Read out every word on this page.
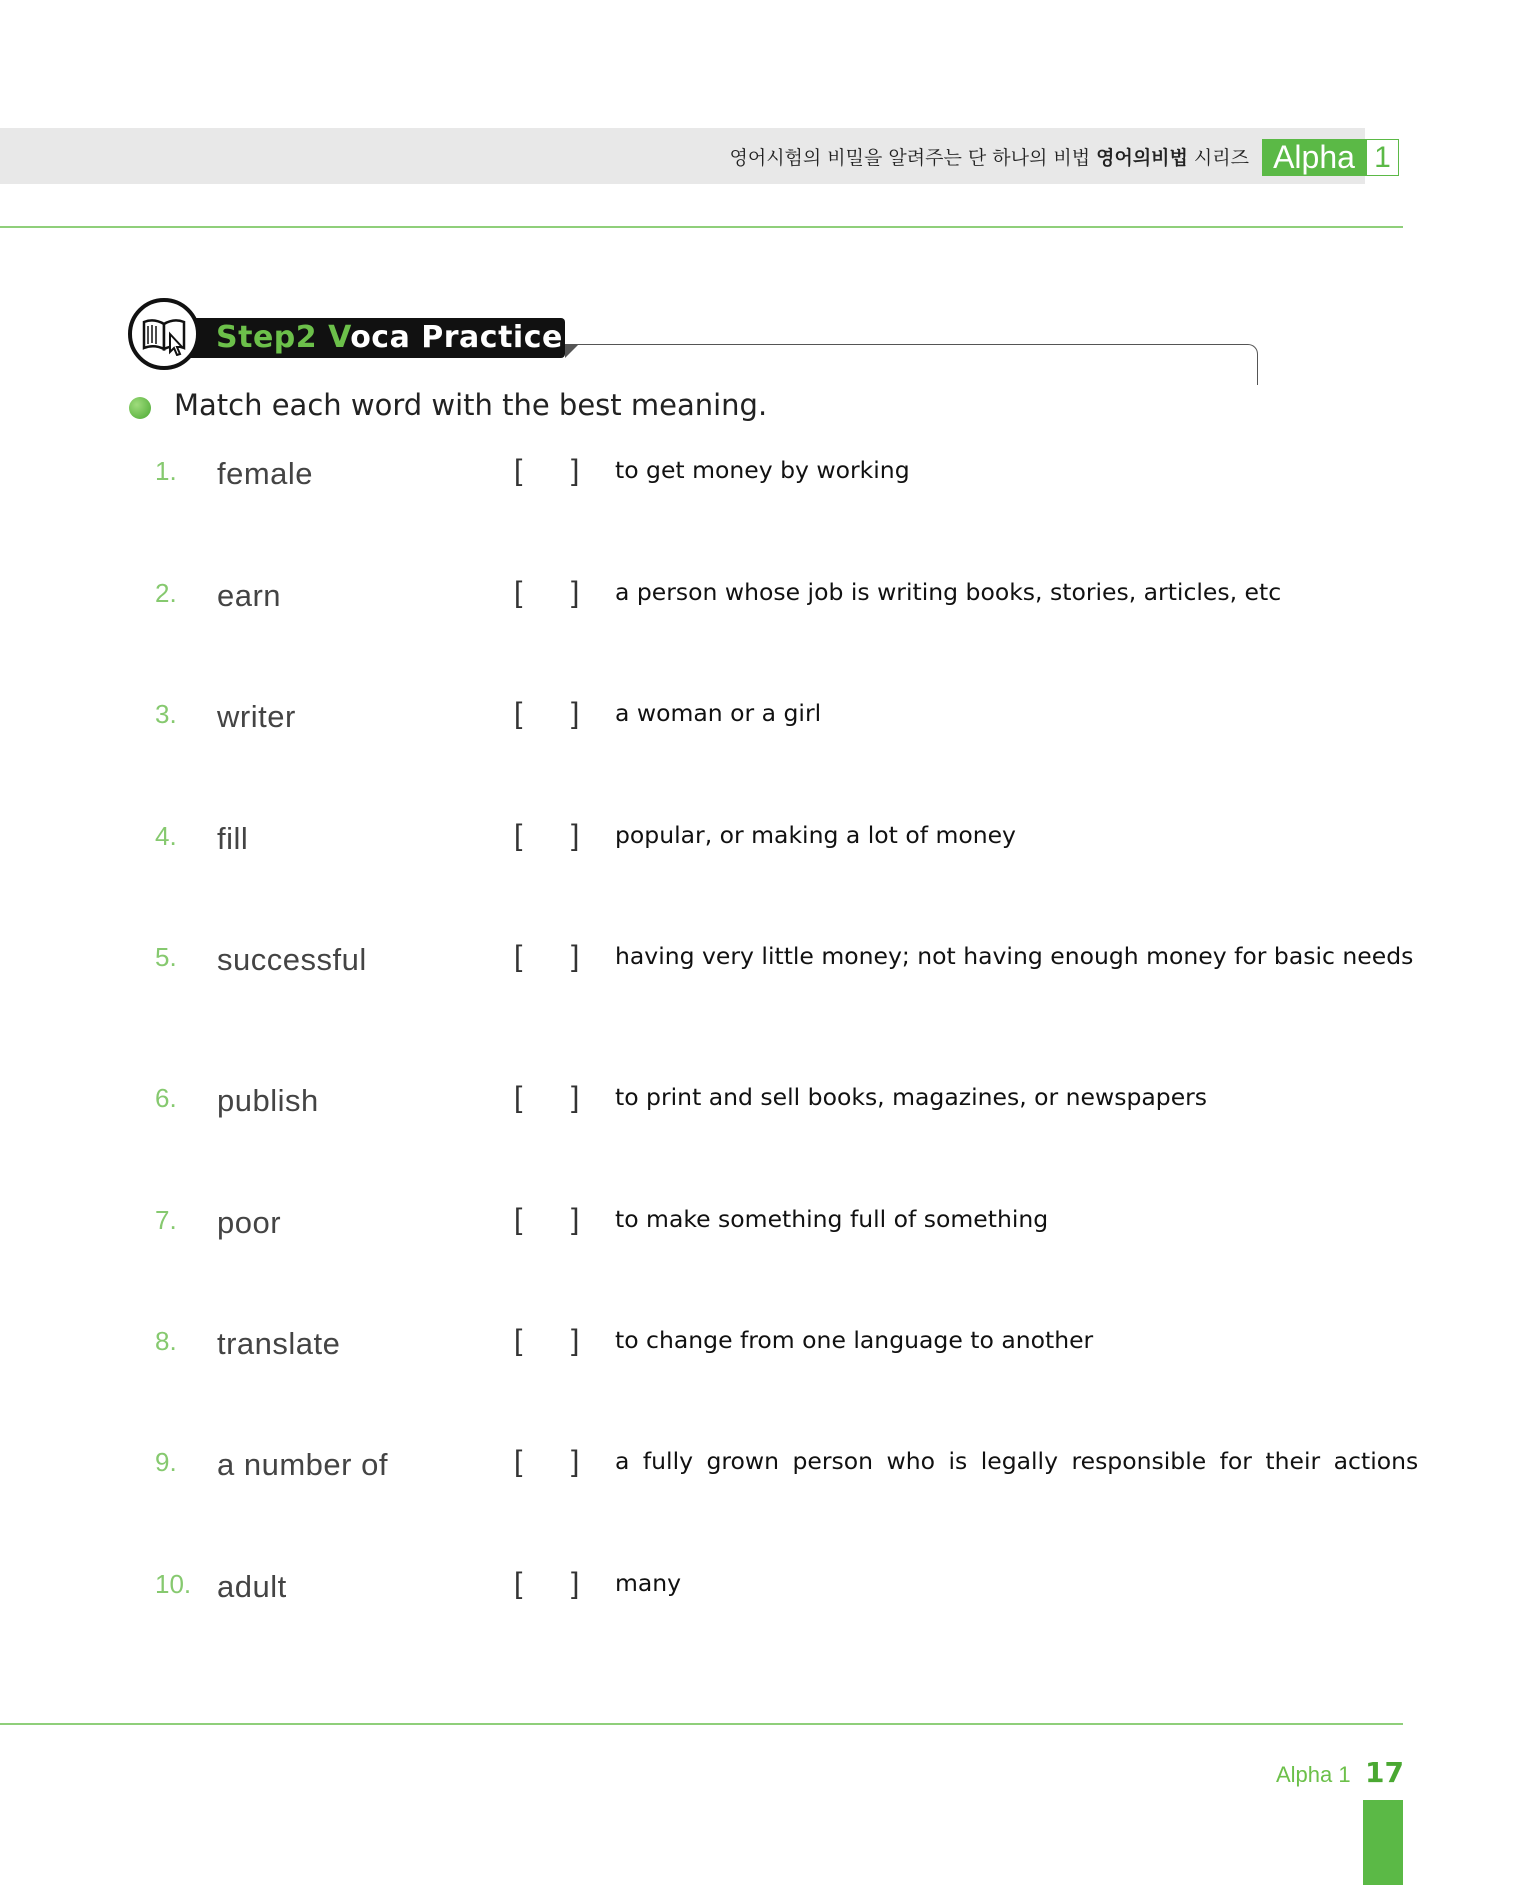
영어시험의 비밀을 알려주는 단 하나의 비법 영어의비법 시리즈 Alpha 1
Step2 Voca Practice
Match each word with the best meaning.
1. female	[ ] to get money by working
2. earn	[ ] a person whose job is writing books, stories, articles, etc
3. writer	[ ] a woman or a girl
4. fill	[ ] popular, or making a lot of money
5. successful	[ ] having very little money; not having enough money for basic needs
6. publish	[ ] to print and sell books, magazines, or newspapers
7. poor	[ ] to make something full of something
8. translate	[ ] to change from one language to another
9. a number of	[ ] a fully grown person who is legally responsible for their actions
10. adult	[ ] many
Alpha 1 17
